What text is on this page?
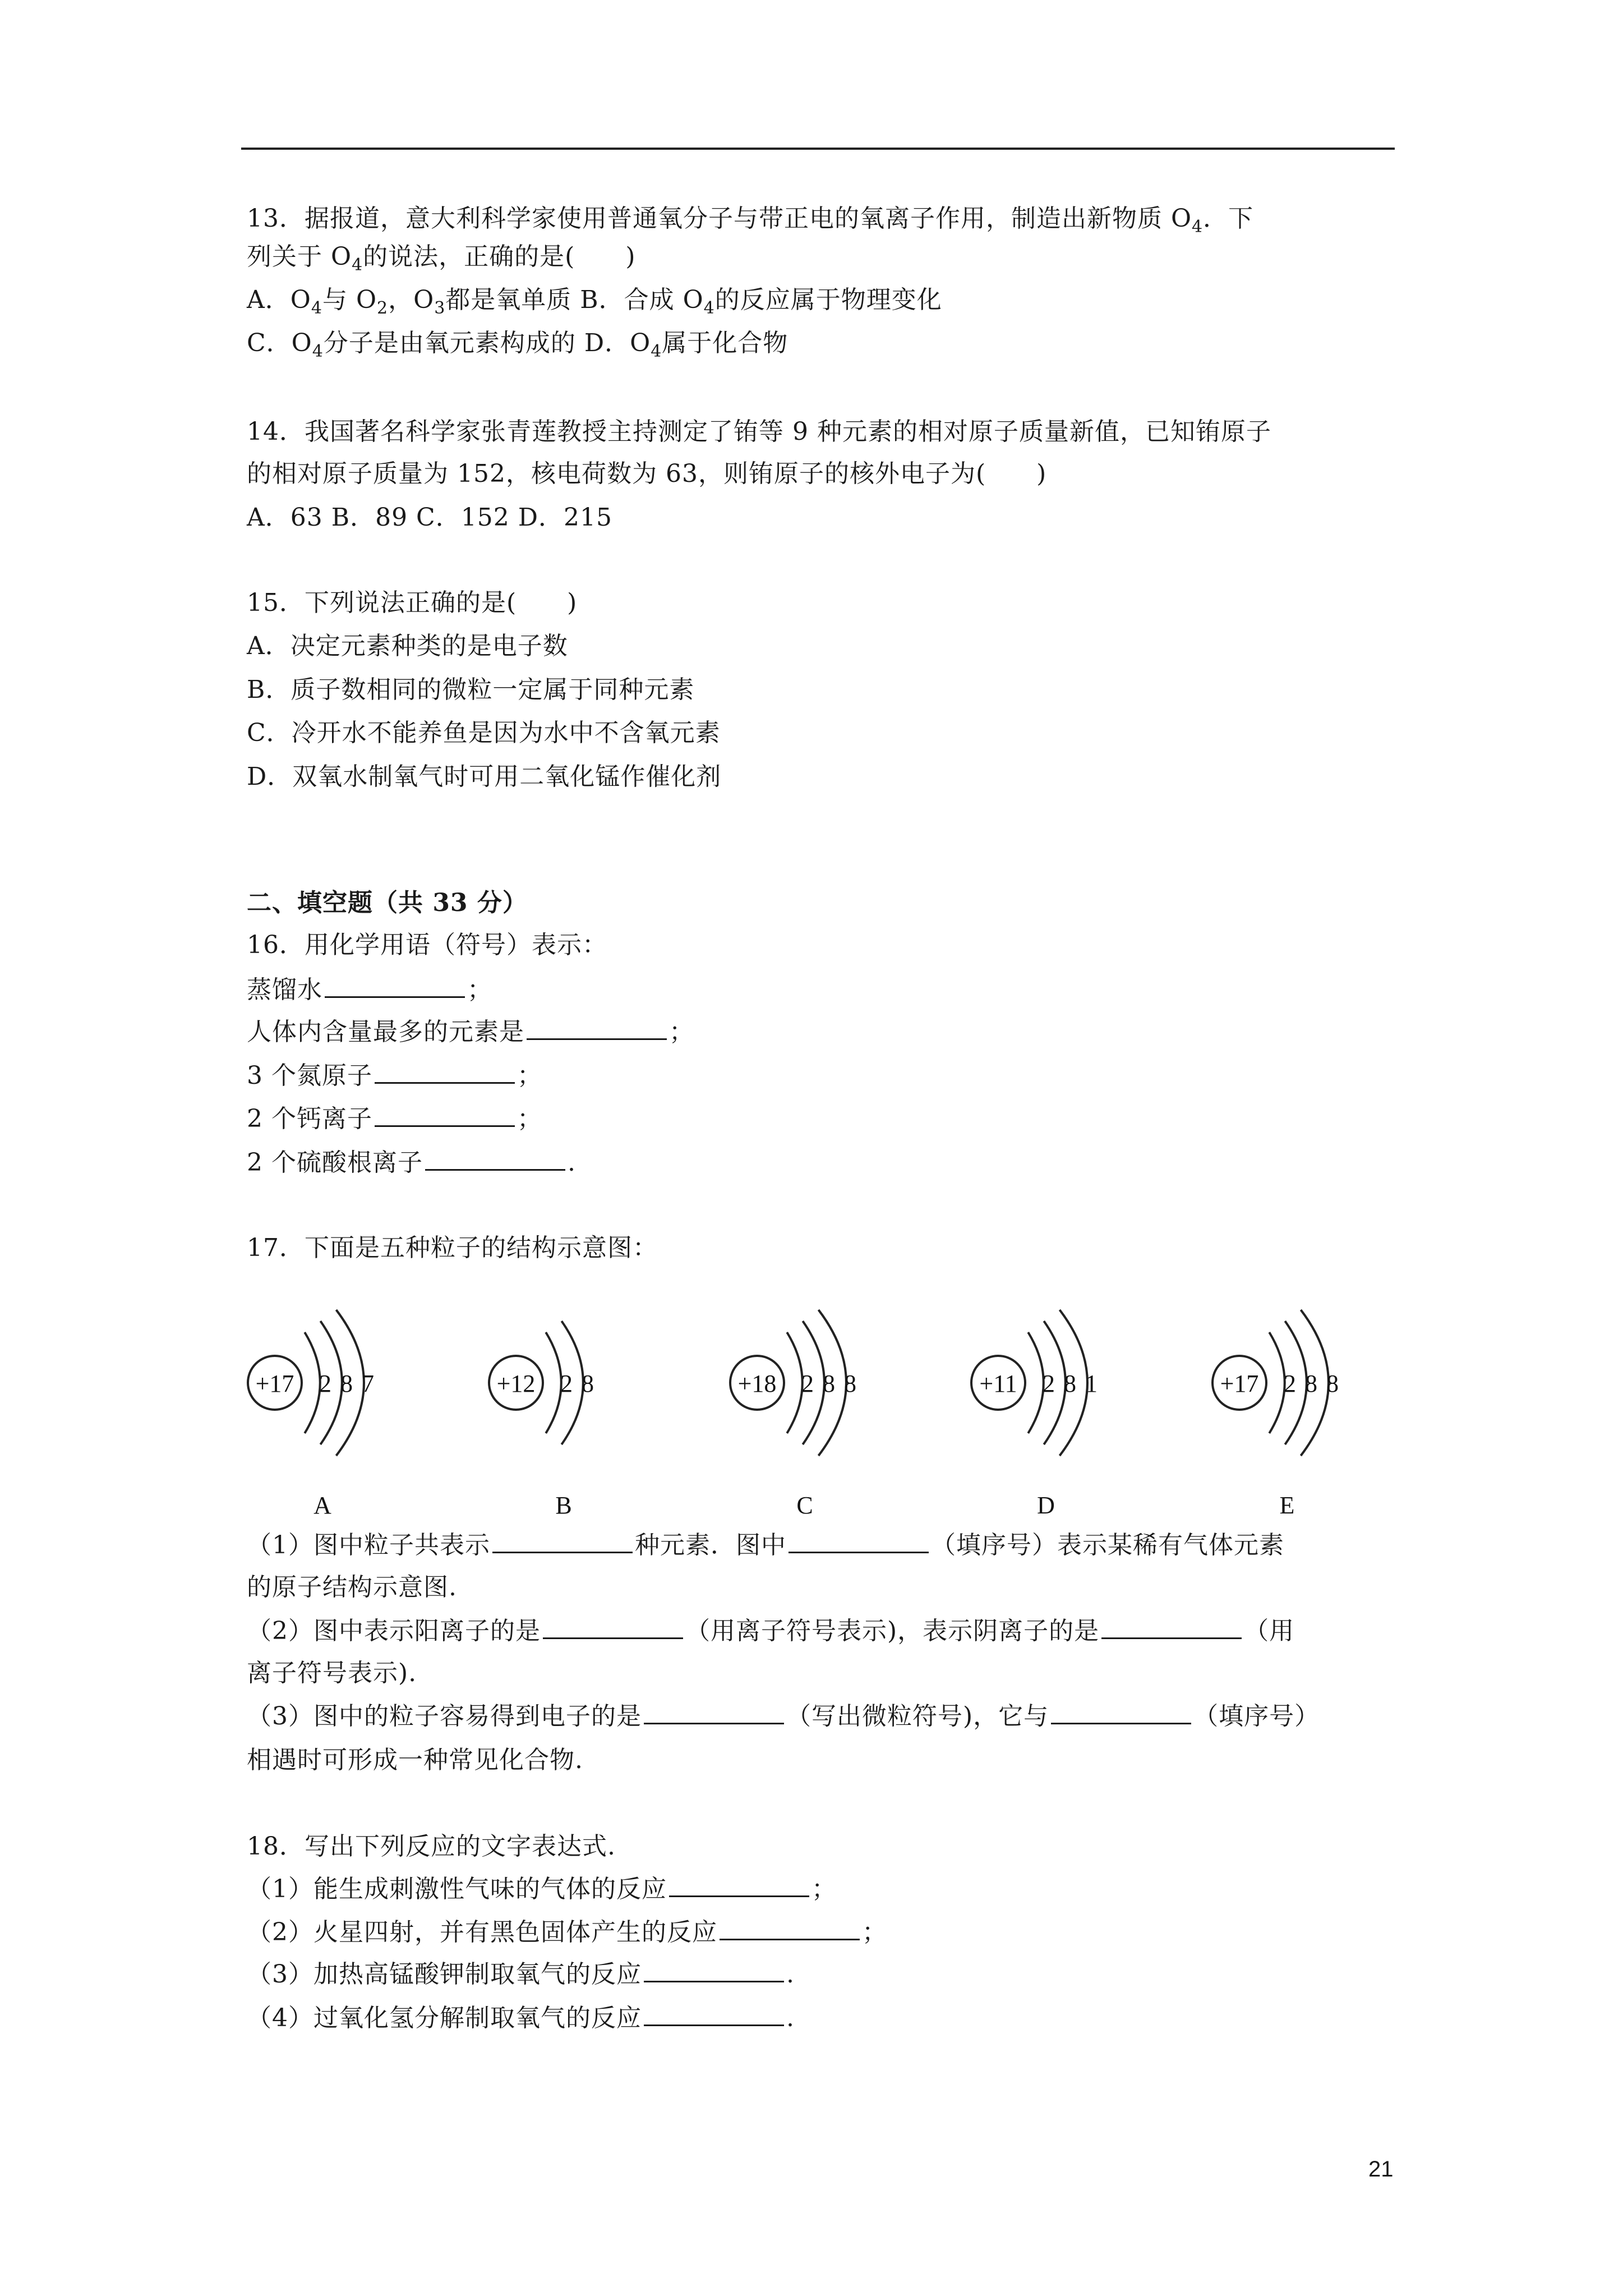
13．据报道，意大利科学家使用普通氧分子与带正电的氧离子作用，制造出新物质 $O_4$．下
列关于 $O_4$的说法，正确的是( )
A．$O_4$与 $O_2$，$O_3$都是氧单质 B．合成 $O_4$的反应属于物理变化
C．$O_4$分子是由氧元素构成的 D．$O_4$属于化合物
14．我国著名科学家张青莲教授主持测定了铕等 9 种元素的相对原子质量新值，已知铕原子
的相对原子质量为 152，核电荷数为 63，则铕原子的核外电子为( )
A．63 B．89 C．152 D．215
15．下列说法正确的是( )
A．决定元素种类的是电子数
B．质子数相同的微粒一定属于同种元素
C．冷开水不能养鱼是因为水中不含氧元素
D．双氧水制氧气时可用二氧化锰作催化剂
二、填空题（共 33 分）
16．用化学用语（符号）表示：
蒸馏水	；
人体内含量最多的元素是	；
3 个氮原子	；
2 个钙离子	；
2 个硫酸根离子	.
17．下面是五种粒子的结构示意图：
+17 2 8 7
A
+12 2 8
B
+18 2 8 8
C
+11 2 8 1
D
+17 2 8 8
E
（1）图中粒子共表示	种元素．图中	（填序号）表示某稀有气体元素
的原子结构示意图.
（2）图中表示阳离子的是	（用离子符号表示)，表示阴离子的是	（用
离子符号表示).
（3）图中的粒子容易得到电子的是	（写出微粒符号)，它与	（填序号）
相遇时可形成一种常见化合物.
18．写出下列反应的文字表达式.
（1）能生成刺激性气味的气体的反应	；
（2）火星四射，并有黑色固体产生的反应	；
（3）加热高锰酸钾制取氧气的反应	.
（4）过氧化氢分解制取氧气的反应	.
21
